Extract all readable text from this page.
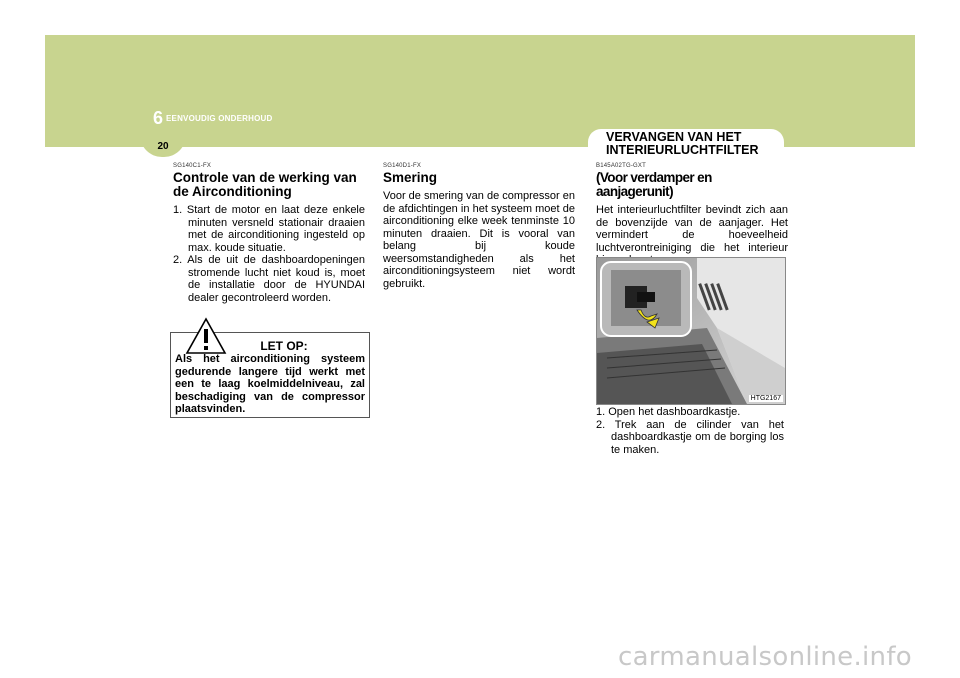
6 EENVOUDIG ONDERHOUD
20
VERVANGEN VAN HET INTERIEURLUCHTFILTER
SG140C1-FX
Controle van de werking van de Airconditioning
1. Start de motor en laat deze enkele minuten versneld stationair draaien met de airconditioning ingesteld op max. koude situatie.
2. Als de uit de dashboardopeningen stromende lucht niet koud is, moet de installatie door de HYUNDAI dealer gecontroleerd worden.
LET OP:
Als het airconditioning systeem gedurende langere tijd werkt met een te laag koelmiddelniveau, zal beschadiging van de compressor plaatsvinden.
SG140D1-FX
Smering

Voor de smering van de compressor en de afdichtingen in het systeem moet de airconditioning elke week tenminste 10 minuten draaien. Dit is vooral van belang bij koude weersomstandigheden als het airconditioningsysteem niet wordt gebruikt.

B145A02TG-GXT
(Voor verdamper en aanjagerunit)

Het interieurluchtfilter bevindt zich aan de bovenzijde van de aanjager. Het vermindert de hoeveelheid luchtverontreiniging die het interieur

HTG2167
1. Open het dashboardkastje.
2. Trek aan de cilinder van het dashboardkastje om de borging los te maken.
carmanualsonline.info
